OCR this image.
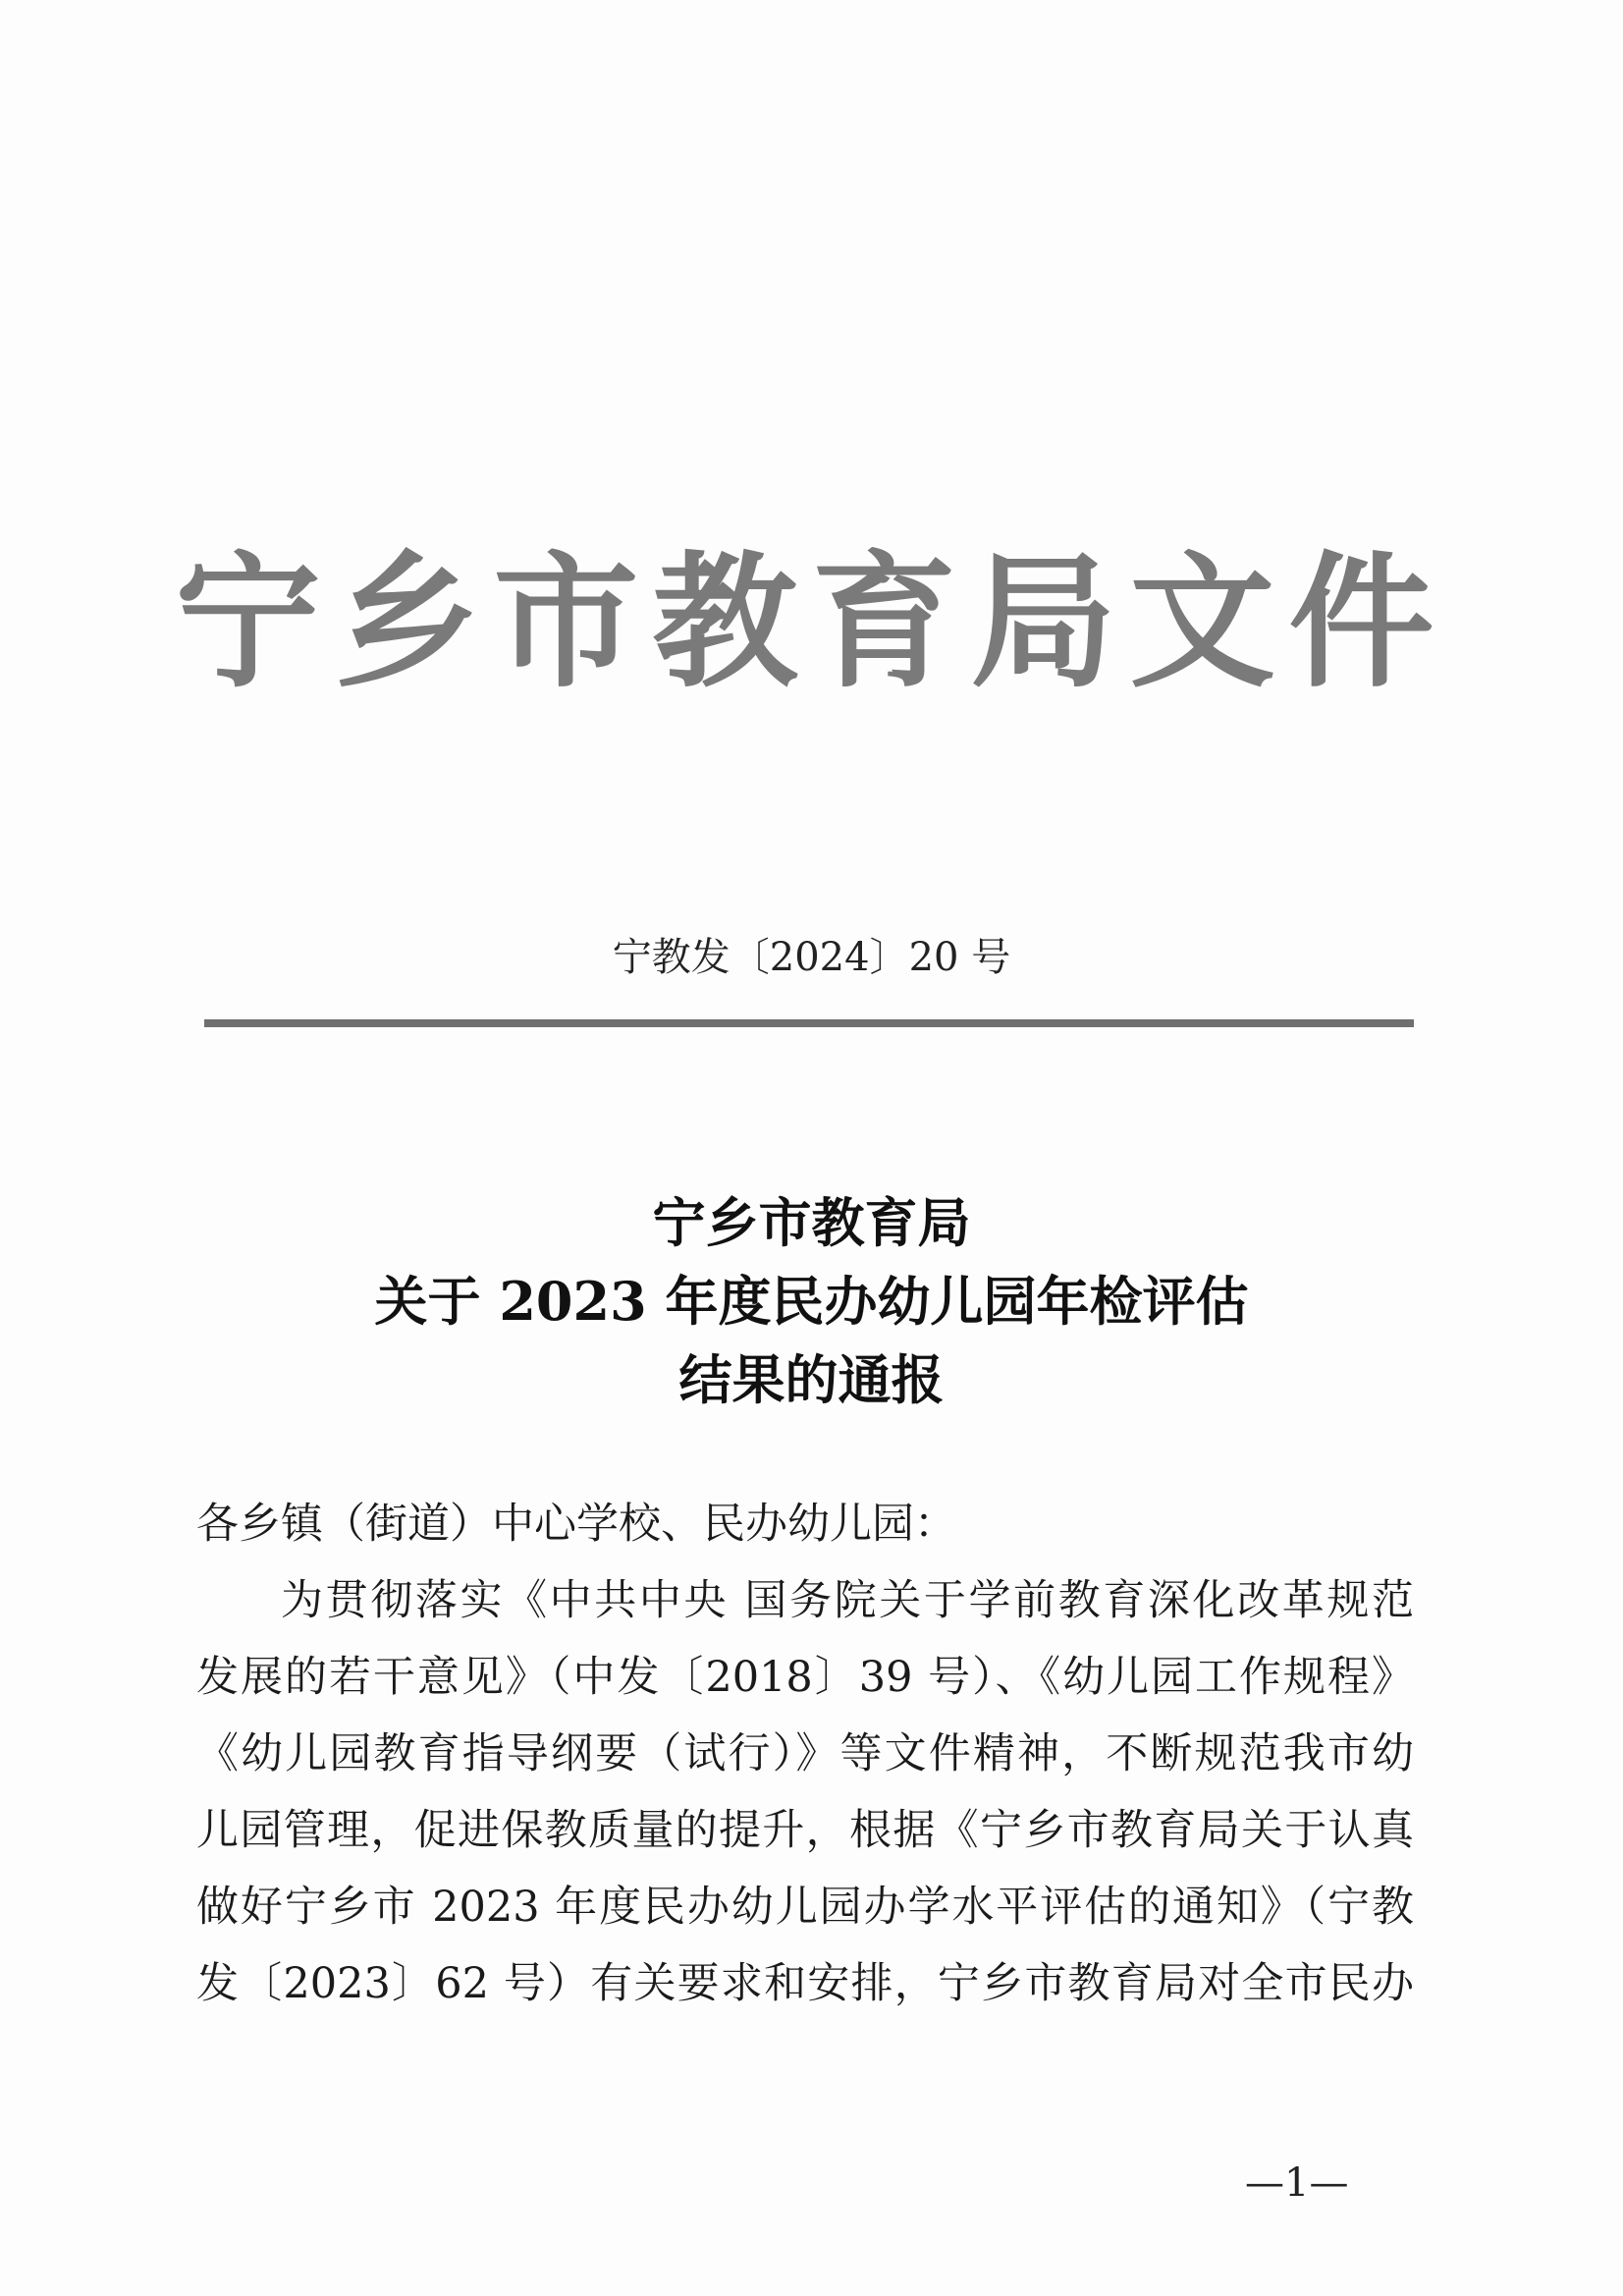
宁乡市教育局文件
宁教发〔2024〕20 号
宁乡市教育局
关于 2023 年度民办幼儿园年检评估
结果的通报
各乡镇（街道）中心学校、民办幼儿园：
为贯彻落实《中共中央 国务院关于学前教育深化改革规范
发展的若干意见》（中发〔2018〕39 号）、《幼儿园工作规程》
《幼儿园教育指导纲要（试行）》等文件精神，不断规范我市幼
儿园管理，促进保教质量的提升，根据《宁乡市教育局关于认真
做好宁乡市 2023 年度民办幼儿园办学水平评估的通知》（宁教
发〔2023〕62 号）有关要求和安排，宁乡市教育局对全市民办
—1—
